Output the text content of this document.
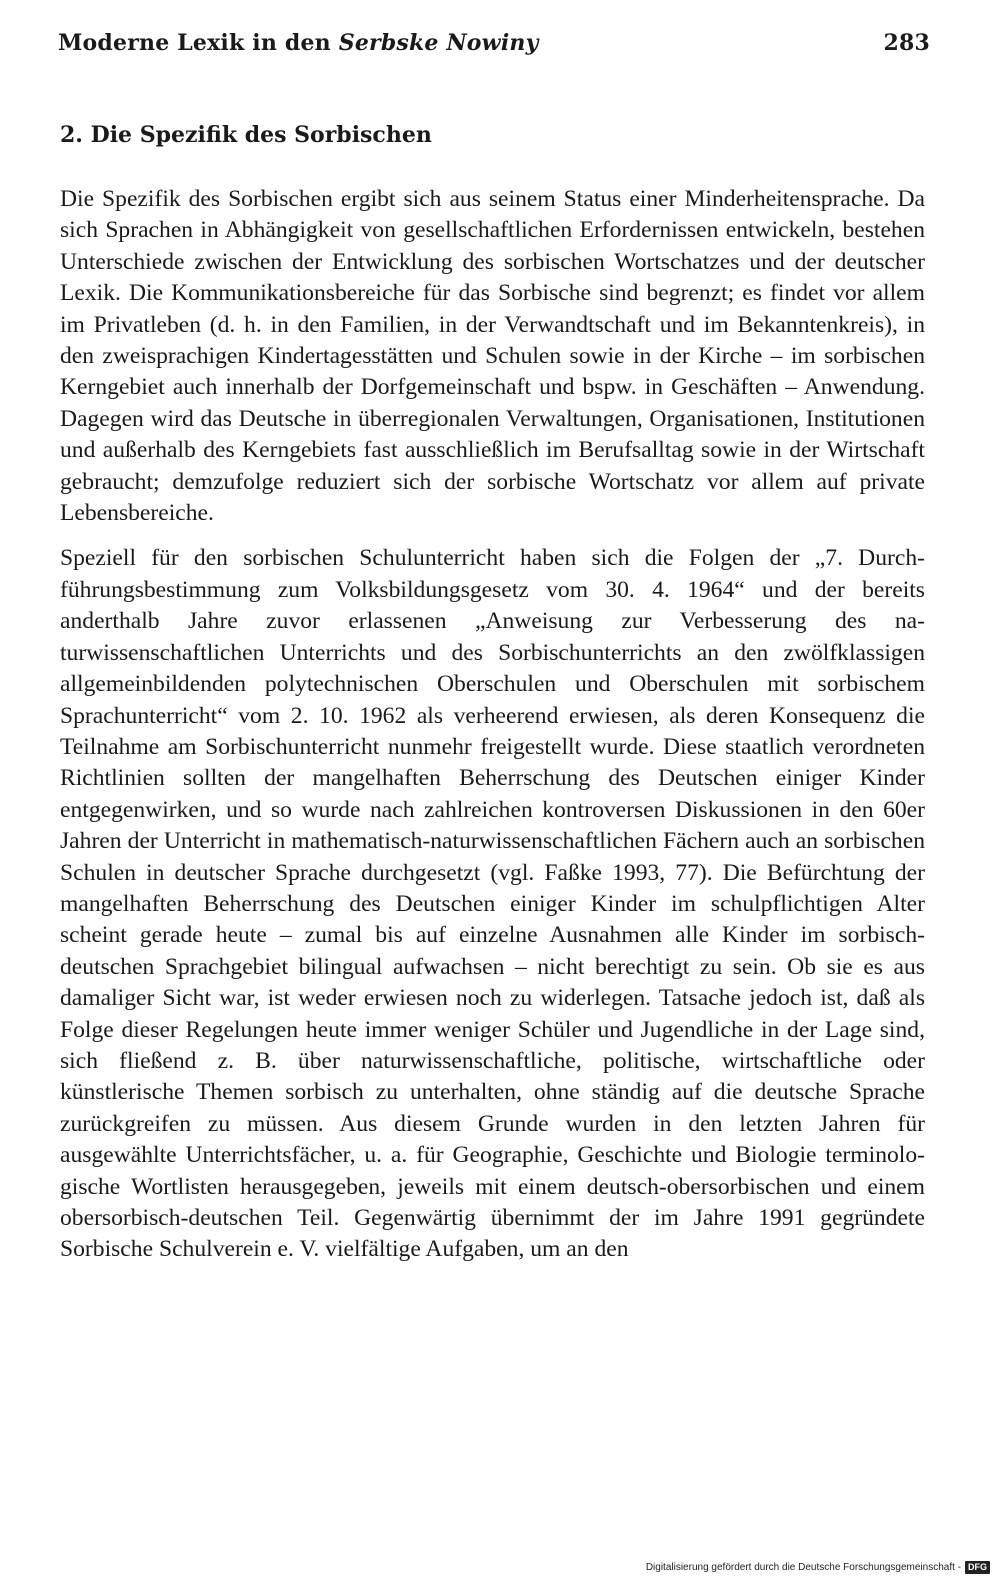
Moderne Lexik in den Serbske Nowiny	283
2. Die Spezifik des Sorbischen

Die Spezifik des Sorbischen ergibt sich aus seinem Status einer Minderheitensprache. Da sich Sprachen in Abhängigkeit von gesellschaftlichen Erfordernissen entwickeln, bestehen Unterschiede zwischen der Entwicklung des sorbischen Wortschatzes und der deutscher Lexik. Die Kommunikationsbereiche für das Sorbische sind begrenzt; es findet vor allem im Privatleben (d. h. in den Familien, in der Verwandtschaft und im Bekanntenkreis), in den zweisprachigen Kindertagesstätten und Schulen sowie in der Kirche – im sorbischen Kerngebiet auch innerhalb der Dorfgemeinschaft und bspw. in Geschäften – Anwendung. Dagegen wird das Deutsche in überregionalen Verwaltungen, Organisationen, Institutionen und außerhalb des Kerngebiets fast ausschließlich im Berufsalltag sowie in der Wirtschaft gebraucht; demzufolge reduziert sich der sorbische Wortschatz vor allem auf private Lebensbereiche.

Speziell für den sorbischen Schulunterricht haben sich die Folgen der „7. Durchführungsbestimmung zum Volksbildungsgesetz vom 30. 4. 1964“ und der bereits anderthalb Jahre zuvor erlassenen „Anweisung zur Verbesserung des naturwissenschaftlichen Unterrichts und des Sorbischunterrichts an den zwölfklassigen allgemeinbildenden polytechnischen Oberschulen und Oberschulen mit sorbischem Sprachunterricht“ vom 2. 10. 1962 als verheerend erwiesen, als deren Konsequenz die Teilnahme am Sorbischunterricht nunmehr freigestellt wurde. Diese staatlich verordneten Richtlinien sollten der mangelhaften Beherrschung des Deutschen einiger Kinder entgegenwirken, und so wurde nach zahlreichen kontroversen Diskussionen in den 60er Jahren der Unterricht in mathematisch-naturwissenschaftlichen Fächern auch an sorbischen Schulen in deutscher Sprache durchgesetzt (vgl. Faßke 1993, 77). Die Befürchtung der mangelhaften Beherrschung des Deutschen einiger Kinder im schulpflichtigen Alter scheint gerade heute – zumal bis auf einzelne Ausnahmen alle Kinder im sorbisch-deutschen Sprachgebiet bilingual aufwachsen – nicht berechtigt zu sein. Ob sie es aus damaliger Sicht war, ist weder erwiesen noch zu widerlegen. Tatsache jedoch ist, daß als Folge dieser Regelungen heute immer weniger Schüler und Jugendliche in der Lage sind, sich fließend z. B. über naturwissenschaftliche, politische, wirtschaftliche oder künstlerische Themen sorbisch zu unterhalten, ohne ständig auf die deutsche Sprache zurückgreifen zu müssen. Aus diesem Grunde wurden in den letzten Jahren für ausgewählte Unterrichtsfächer, u. a. für Geographie, Geschichte und Biologie terminologische Wortlisten herausgegeben, jeweils mit einem deutsch-obersorbischen und einem obersorbisch-deutschen Teil. Gegenwärtig übernimmt der im Jahre 1991 gegründete Sorbische Schulverein e. V. vielfältige Aufgaben, um an den

Digitalisierung gefördert durch die Deutsche Forschungsgemeinschaft - DFG
